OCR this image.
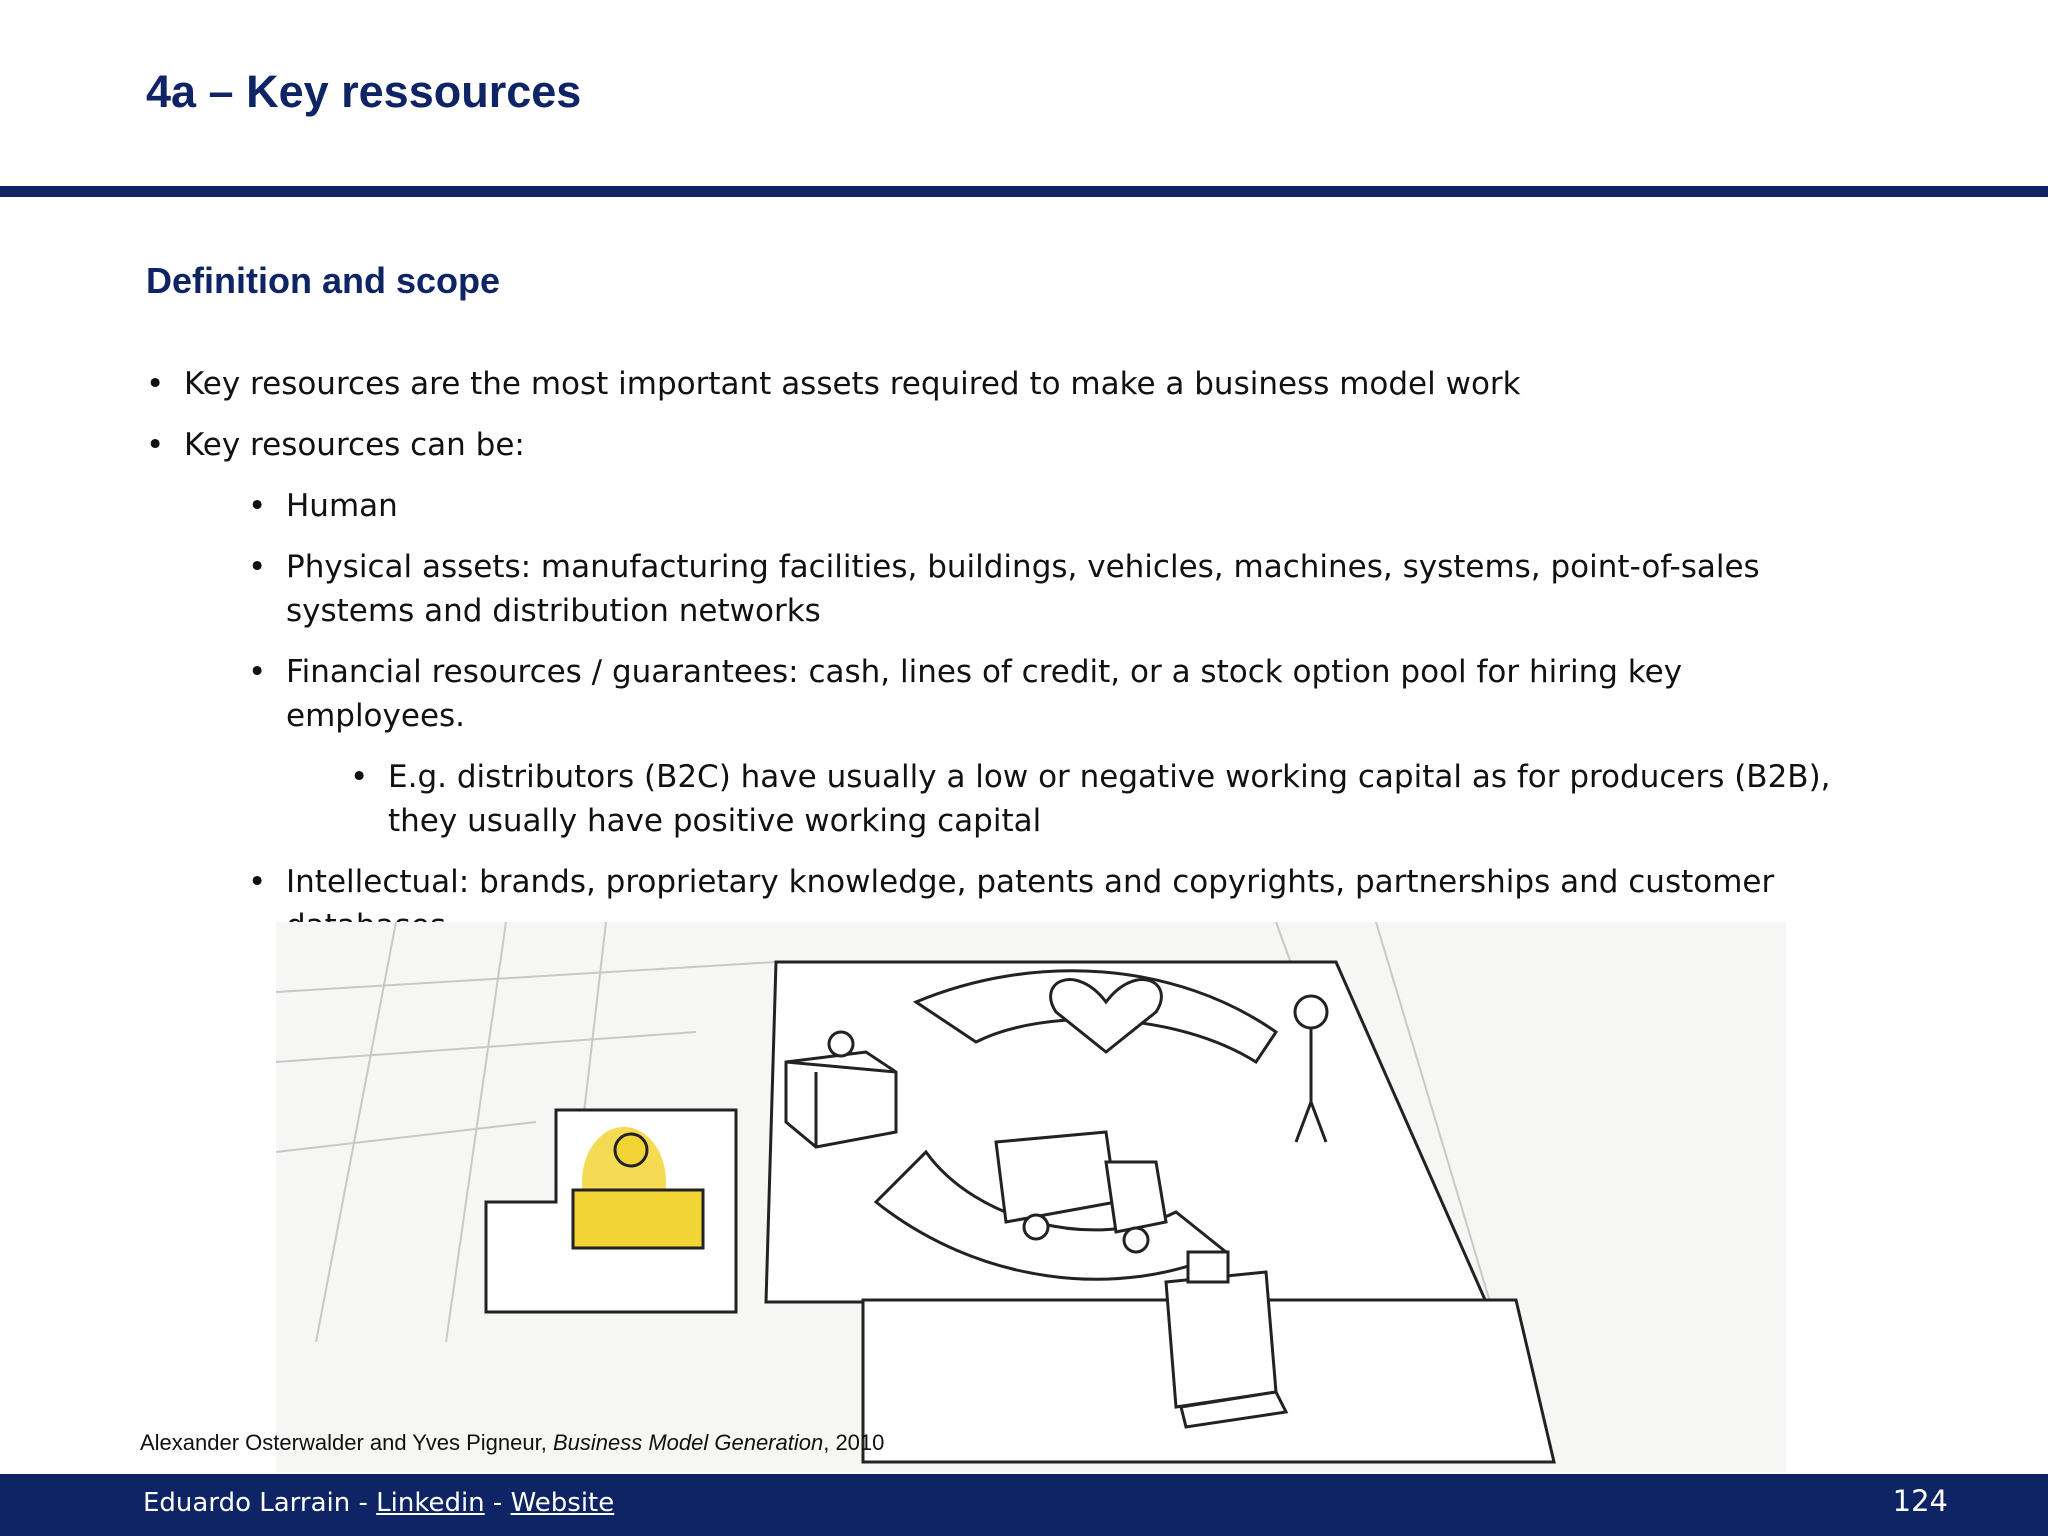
4a – Key ressources
Definition and scope
• Key resources are the most important assets required to make a business model work
• Key resources can be:
• Human
• Physical assets: manufacturing facilities, buildings, vehicles, machines, systems, point-of-sales
systems and distribution networks
• Financial resources / guarantees: cash, lines of credit, or a stock option pool for hiring key
employees.
• E.g. distributors (B2C) have usually a low or negative working capital as for producers (B2B),
they usually have positive working capital
• Intellectual: brands, proprietary knowledge, patents and copyrights, partnerships and customer
Alexander Osterwalder and Yves Pigneur, Business Model Generation, 2010
Eduardo Larrain - Linkedin - Website	124
